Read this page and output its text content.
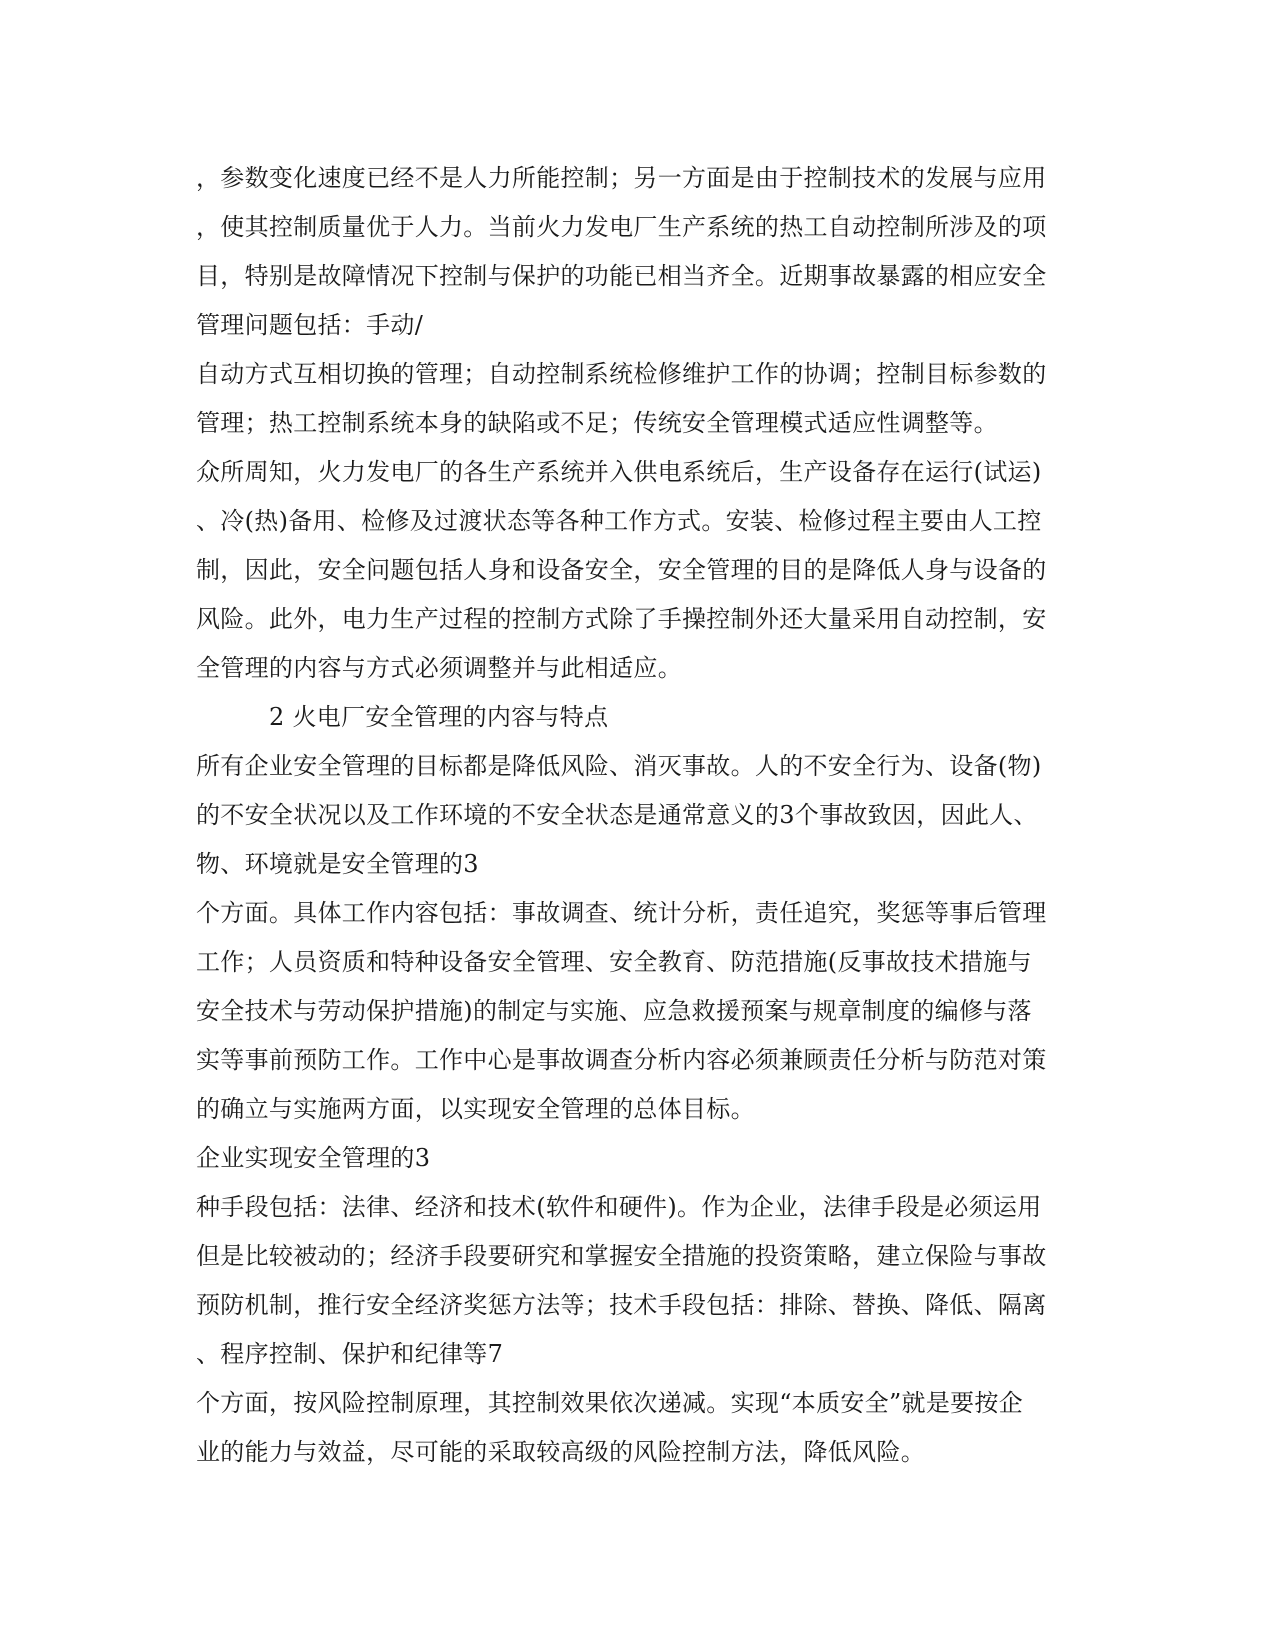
，参数变化速度已经不是人力所能控制；另一方面是由于控制技术的发展与应用
，使其控制质量优于人力。当前火力发电厂生产系统的热工自动控制所涉及的项
目，特别是故障情况下控制与保护的功能已相当齐全。近期事故暴露的相应安全
管理问题包括：手动/
自动方式互相切换的管理；自动控制系统检修维护工作的协调；控制目标参数的
管理；热工控制系统本身的缺陷或不足；传统安全管理模式适应性调整等。
众所周知，火力发电厂的各生产系统并入供电系统后，生产设备存在运行(试运)
、冷(热)备用、检修及过渡状态等各种工作方式。安装、检修过程主要由人工控
制，因此，安全问题包括人身和设备安全，安全管理的目的是降低人身与设备的
风险。此外，电力生产过程的控制方式除了手操控制外还大量采用自动控制，安
全管理的内容与方式必须调整并与此相适应。
2 火电厂安全管理的内容与特点
所有企业安全管理的目标都是降低风险、消灭事故。人的不安全行为、设备(物)
的不安全状况以及工作环境的不安全状态是通常意义的3个事故致因，因此人、
物、环境就是安全管理的3
个方面。具体工作内容包括：事故调查、统计分析，责任追究，奖惩等事后管理
工作；人员资质和特种设备安全管理、安全教育、防范措施(反事故技术措施与
安全技术与劳动保护措施)的制定与实施、应急救援预案与规章制度的编修与落
实等事前预防工作。工作中心是事故调查分析内容必须兼顾责任分析与防范对策
的确立与实施两方面，以实现安全管理的总体目标。
企业实现安全管理的3
种手段包括：法律、经济和技术(软件和硬件)。作为企业，法律手段是必须运用
但是比较被动的；经济手段要研究和掌握安全措施的投资策略，建立保险与事故
预防机制，推行安全经济奖惩方法等；技术手段包括：排除、替换、降低、隔离
、程序控制、保护和纪律等7
个方面，按风险控制原理，其控制效果依次递减。实现“本质安全”就是要按企
业的能力与效益，尽可能的采取较高级的风险控制方法，降低风险。
